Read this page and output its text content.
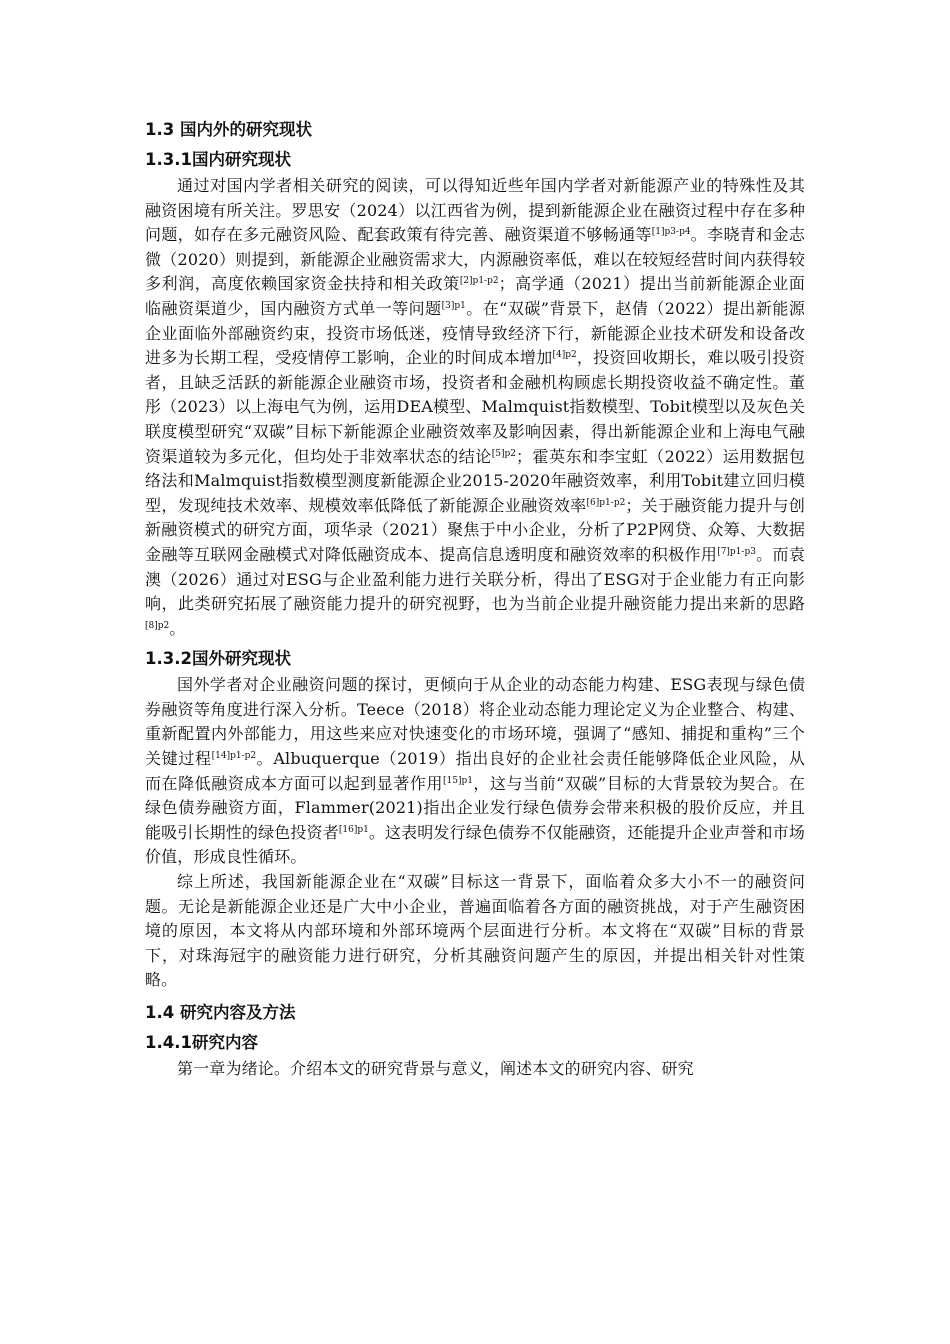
1.3 国内外的研究现状
1.3.1国内研究现状

通过对国内学者相关研究的阅读，可以得知近些年国内学者对新能源产业的特殊性及其融资困境有所关注。罗思安（2024）以江西省为例，提到新能源企业在融资过程中存在多种问题，如存在多元融资风险、配套政策有待完善、融资渠道不够畅通等$^{[1]p3-p4}$。李晓青和金志微（2020）则提到，新能源企业融资需求大，内源融资率低，难以在较短经营时间内获得较多利润，高度依赖国家资金扶持和相关政策$^{[2]p1-p2}$；高学通（2021）提出当前新能源企业面临融资渠道少，国内融资方式单一等问题$^{[3]p1}$。在“双碳”背景下，赵倩（2022）提出新能源企业面临外部融资约束，投资市场低迷，疫情导致经济下行，新能源企业技术研发和设备改进多为长期工程，受疫情停工影响，企业的时间成本增加$^{[4]p2}$，投资回收期长，难以吸引投资者，且缺乏活跃的新能源企业融资市场，投资者和金融机构顾虑长期投资收益不确定性。董彤（2023）以上海电气为例，运用DEA模型、Malmquist指数模型、Tobit模型以及灰色关联度模型研究“双碳”目标下新能源企业融资效率及影响因素，得出新能源企业和上海电气融资渠道较为多元化，但均处于非效率状态的结论$^{[5]p2}$；霍英东和李宝虹（2022）运用数据包络法和Malmquist指数模型测度新能源企业2015-2020年融资效率，利用Tobit建立回归模型，发现纯技术效率、规模效率低降低了新能源企业融资效率$^{[6]p1-p2}$；关于融资能力提升与创新融资模式的研究方面，项华录（2021）聚焦于中小企业，分析了P2P网贷、众筹、大数据金融等互联网金融模式对降低融资成本、提高信息透明度和融资效率的积极作用$^{[7]p1-p3}$。而袁澳（2026）通过对ESG与企业盈利能力进行关联分析，得出了ESG对于企业能力有正向影响，此类研究拓展了融资能力提升的研究视野，也为当前企业提升融资能力提出来新的思路$^{[8]p2}$。

1.3.2国外研究现状

国外学者对企业融资问题的探讨，更倾向于从企业的动态能力构建、ESG表现与绿色债券融资等角度进行深入分析。Teece（2018）将企业动态能力理论定义为企业整合、构建、重新配置内外部能力，用这些来应对快速变化的市场环境，强调了“感知、捕捉和重构”三个关键过程$^{[14]p1-p2}$。Albuquerque（2019）指出良好的企业社会责任能够降低企业风险，从而在降低融资成本方面可以起到显著作用$^{[15]p1}$，这与当前“双碳”目标的大背景较为契合。在绿色债券融资方面，Flammer(2021)指出企业发行绿色债券会带来积极的股价反应，并且能吸引长期性的绿色投资者$^{[16]p1}$。这表明发行绿色债券不仅能融资，还能提升企业声誉和市场价值，形成良性循环。

综上所述，我国新能源企业在“双碳”目标这一背景下，面临着众多大小不一的融资问题。无论是新能源企业还是广大中小企业，普遍面临着各方面的融资挑战，对于产生融资困境的原因，本文将从内部环境和外部环境两个层面进行分析。本文将在“双碳”目标的背景下，对珠海冠宇的融资能力进行研究，分析其融资问题产生的原因，并提出相关针对性策略。

1.4 研究内容及方法
1.4.1研究内容

第一章为绪论。介绍本文的研究背景与意义，阐述本文的研究内容、研究
